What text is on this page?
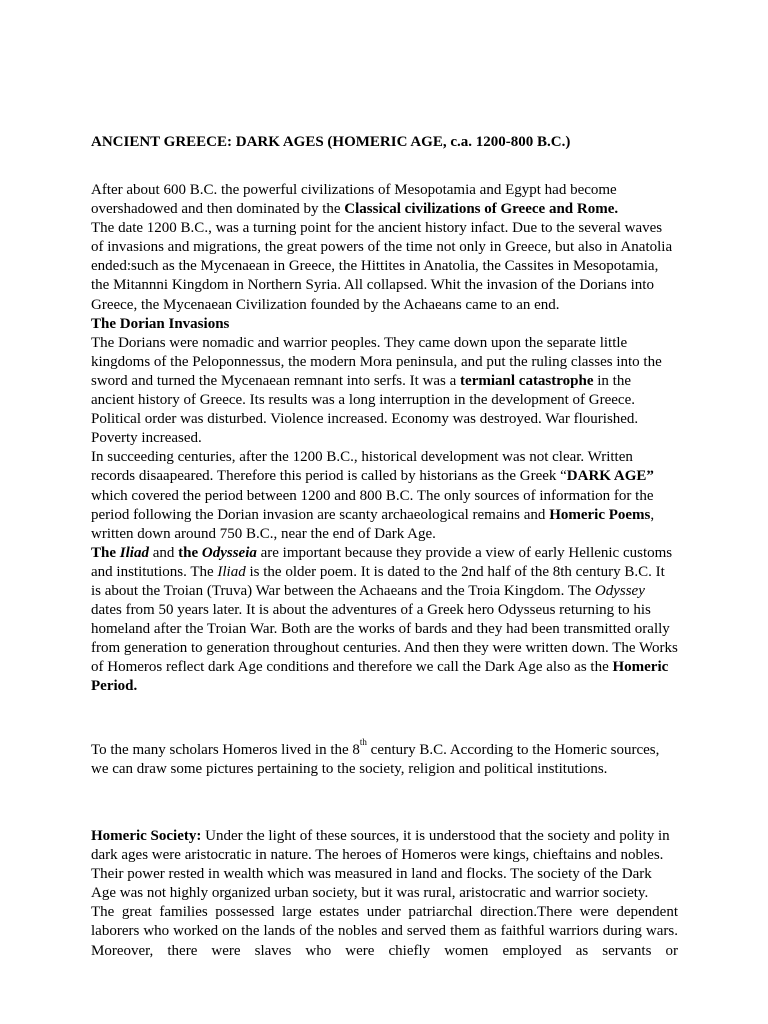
ANCIENT GREECE: DARK AGES (HOMERIC AGE, c.a. 1200-800 B.C.)

After about 600 B.C. the powerful civilizations of Mesopotamia and Egypt had become overshadowed and then dominated by the Classical civilizations of Greece and Rome.

The date 1200 B.C., was a turning point for the ancient history infact. Due to the several waves of invasions and migrations, the great powers of the time not only in Greece, but also in Anatolia ended:such as the Mycenaean in Greece, the Hittites in Anatolia, the Cassites in Mesopotamia, the Mitannni Kingdom in Northern Syria. All collapsed. Whit the invasion of the Dorians into Greece, the Mycenaean Civilization founded by the Achaeans came to an end.

The Dorian Invasions

The Dorians were nomadic and warrior peoples. They came down upon the separate little kingdoms of the Peloponnessus, the modern Mora peninsula, and put the ruling classes into the sword and turned the Mycenaean remnant into serfs. It was a termianl catastrophe in the ancient history of Greece. Its results was a long interruption in the development of Greece.

Political order was disturbed. Violence increased. Economy was destroyed. War flourished. Poverty increased.

In succeeding centuries, after the 1200 B.C., historical development was not clear. Written records disaapeared. Therefore this period is called by historians as the Greek “DARK AGE” which covered the period between 1200 and 800 B.C. The only sources of information for the period following the Dorian invasion are scanty archaeological remains and Homeric Poems, written down around 750 B.C., near the end of Dark Age.

The Iliad and the Odysseia are important because they provide a view of early Hellenic customs and institutions. The Iliad is the older poem. It is dated to the 2nd half of the 8th century B.C. It is about the Troian (Truva) War between the Achaeans and the Troia Kingdom. The Odyssey dates from 50 years later. It is about the adventures of a Greek hero Odysseus returning to his homeland after the Troian War. Both are the works of bards and they had been transmitted orally from generation to generation throughout centuries. And then they were written down. The Works of Homeros reflect dark Age conditions and therefore we call the Dark Age also as the Homeric Period.

To the many scholars Homeros lived in the 8th century B.C. According to the Homeric sources, we can draw some pictures pertaining to the society, religion and political institutions.

Homeric Society: Under the light of these sources, it is understood that the society and polity in dark ages were aristocratic in nature. The heroes of Homeros were kings, chieftains and nobles. Their power rested in wealth which was measured in land and flocks. The society of the Dark Age was not highly organized urban society, but it was rural, aristocratic and warrior society.

The great families possessed large estates under patriarchal direction.There were dependent laborers who worked on the lands of the nobles and served them as faithful warriors during wars. Moreover, there were slaves who were chiefly women employed as servants or
